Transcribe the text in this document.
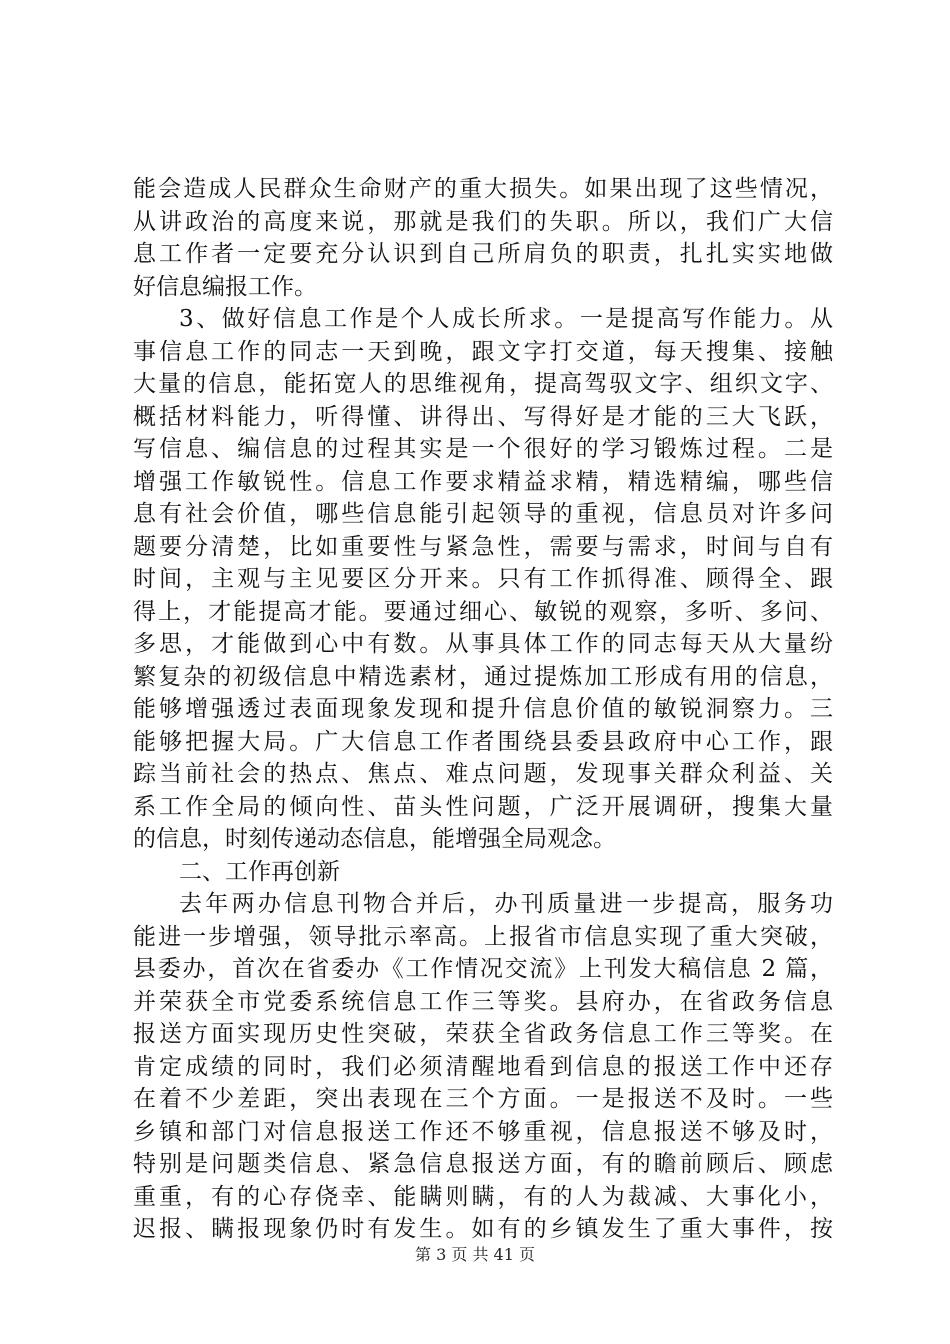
能会造成人民群众生命财产的重大损失。如果出现了这些情况，
从讲政治的高度来说，那就是我们的失职。所以，我们广大信
息工作者一定要充分认识到自己所肩负的职责，扎扎实实地做
好信息编报工作。
3、做好信息工作是个人成长所求。一是提高写作能力。从
事信息工作的同志一天到晚，跟文字打交道，每天搜集、接触
大量的信息，能拓宽人的思维视角，提高驾驭文字、组织文字、
概括材料能力，听得懂、讲得出、写得好是才能的三大飞跃，
写信息、编信息的过程其实是一个很好的学习锻炼过程。二是
增强工作敏锐性。信息工作要求精益求精，精选精编，哪些信
息有社会价值，哪些信息能引起领导的重视，信息员对许多问
题要分清楚，比如重要性与紧急性，需要与需求，时间与自有
时间，主观与主见要区分开来。只有工作抓得准、顾得全、跟
得上，才能提高才能。要通过细心、敏锐的观察，多听、多问、
多思，才能做到心中有数。从事具体工作的同志每天从大量纷
繁复杂的初级信息中精选素材，通过提炼加工形成有用的信息，
能够增强透过表面现象发现和提升信息价值的敏锐洞察力。三
能够把握大局。广大信息工作者围绕县委县政府中心工作，跟
踪当前社会的热点、焦点、难点问题，发现事关群众利益、关
系工作全局的倾向性、苗头性问题，广泛开展调研，搜集大量
的信息，时刻传递动态信息，能增强全局观念。
二、工作再创新
去年两办信息刊物合并后，办刊质量进一步提高，服务功
能进一步增强，领导批示率高。上报省市信息实现了重大突破，
县委办，首次在省委办《工作情况交流》上刊发大稿信息 2 篇，
并荣获全市党委系统信息工作三等奖。县府办，在省政务信息
报送方面实现历史性突破，荣获全省政务信息工作三等奖。在
肯定成绩的同时，我们必须清醒地看到信息的报送工作中还存
在着不少差距，突出表现在三个方面。一是报送不及时。一些
乡镇和部门对信息报送工作还不够重视，信息报送不够及时，
特别是问题类信息、紧急信息报送方面，有的瞻前顾后、顾虑
重重，有的心存侥幸、能瞒则瞒，有的人为裁减、大事化小，
迟报、瞒报现象仍时有发生。如有的乡镇发生了重大事件，按
第 3 页 共 41 页
